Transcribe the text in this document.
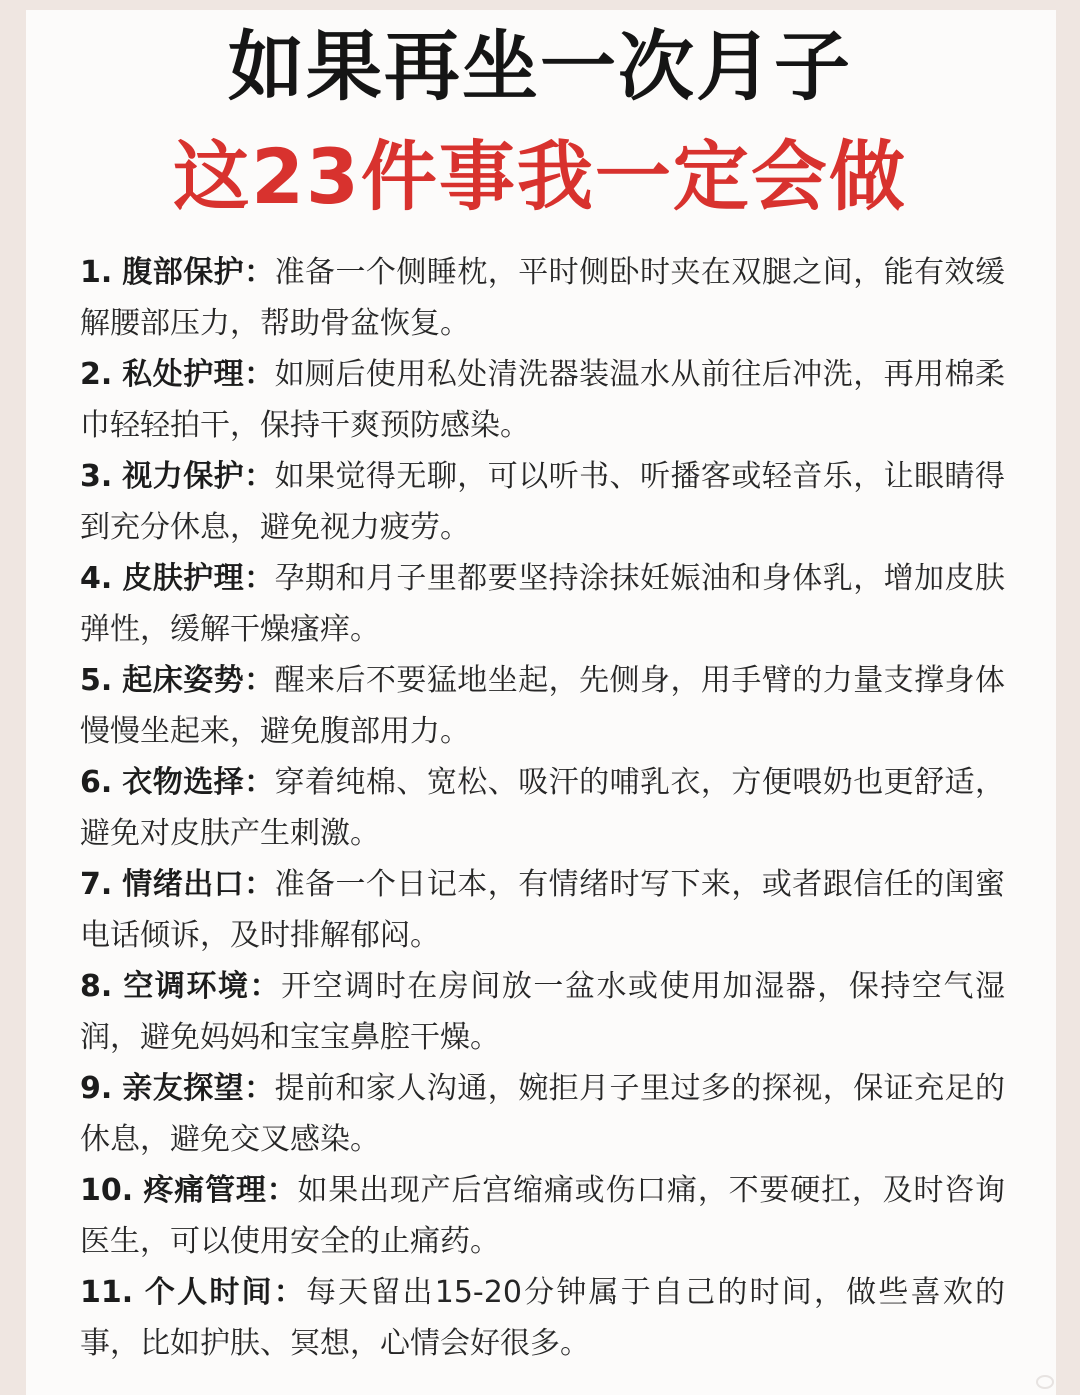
如果再坐一次月子
这23件事我一定会做
1. 腹部保护：准备一个侧睡枕，平时侧卧时夹在双腿之间，能有效缓解腰部压力，帮助骨盆恢复。
2. 私处护理：如厕后使用私处清洗器装温水从前往后冲洗，再用棉柔巾轻轻拍干，保持干爽预防感染。
3. 视力保护：如果觉得无聊，可以听书、听播客或轻音乐，让眼睛得到充分休息，避免视力疲劳。
4. 皮肤护理：孕期和月子里都要坚持涂抹妊娠油和身体乳，增加皮肤弹性，缓解干燥瘙痒。
5. 起床姿势：醒来后不要猛地坐起，先侧身，用手臂的力量支撑身体慢慢坐起来，避免腹部用力。
6. 衣物选择：穿着纯棉、宽松、吸汗的哺乳衣，方便喂奶也更舒适，避免对皮肤产生刺激。
7. 情绪出口：准备一个日记本，有情绪时写下来，或者跟信任的闺蜜电话倾诉，及时排解郁闷。
8. 空调环境：开空调时在房间放一盆水或使用加湿器，保持空气湿润，避免妈妈和宝宝鼻腔干燥。
9. 亲友探望：提前和家人沟通，婉拒月子里过多的探视，保证充足的休息，避免交叉感染。
10. 疼痛管理：如果出现产后宫缩痛或伤口痛，不要硬扛，及时咨询医生，可以使用安全的止痛药。
11. 个人时间：每天留出15-20分钟属于自己的时间，做些喜欢的事，比如护肤、冥想，心情会好很多。
